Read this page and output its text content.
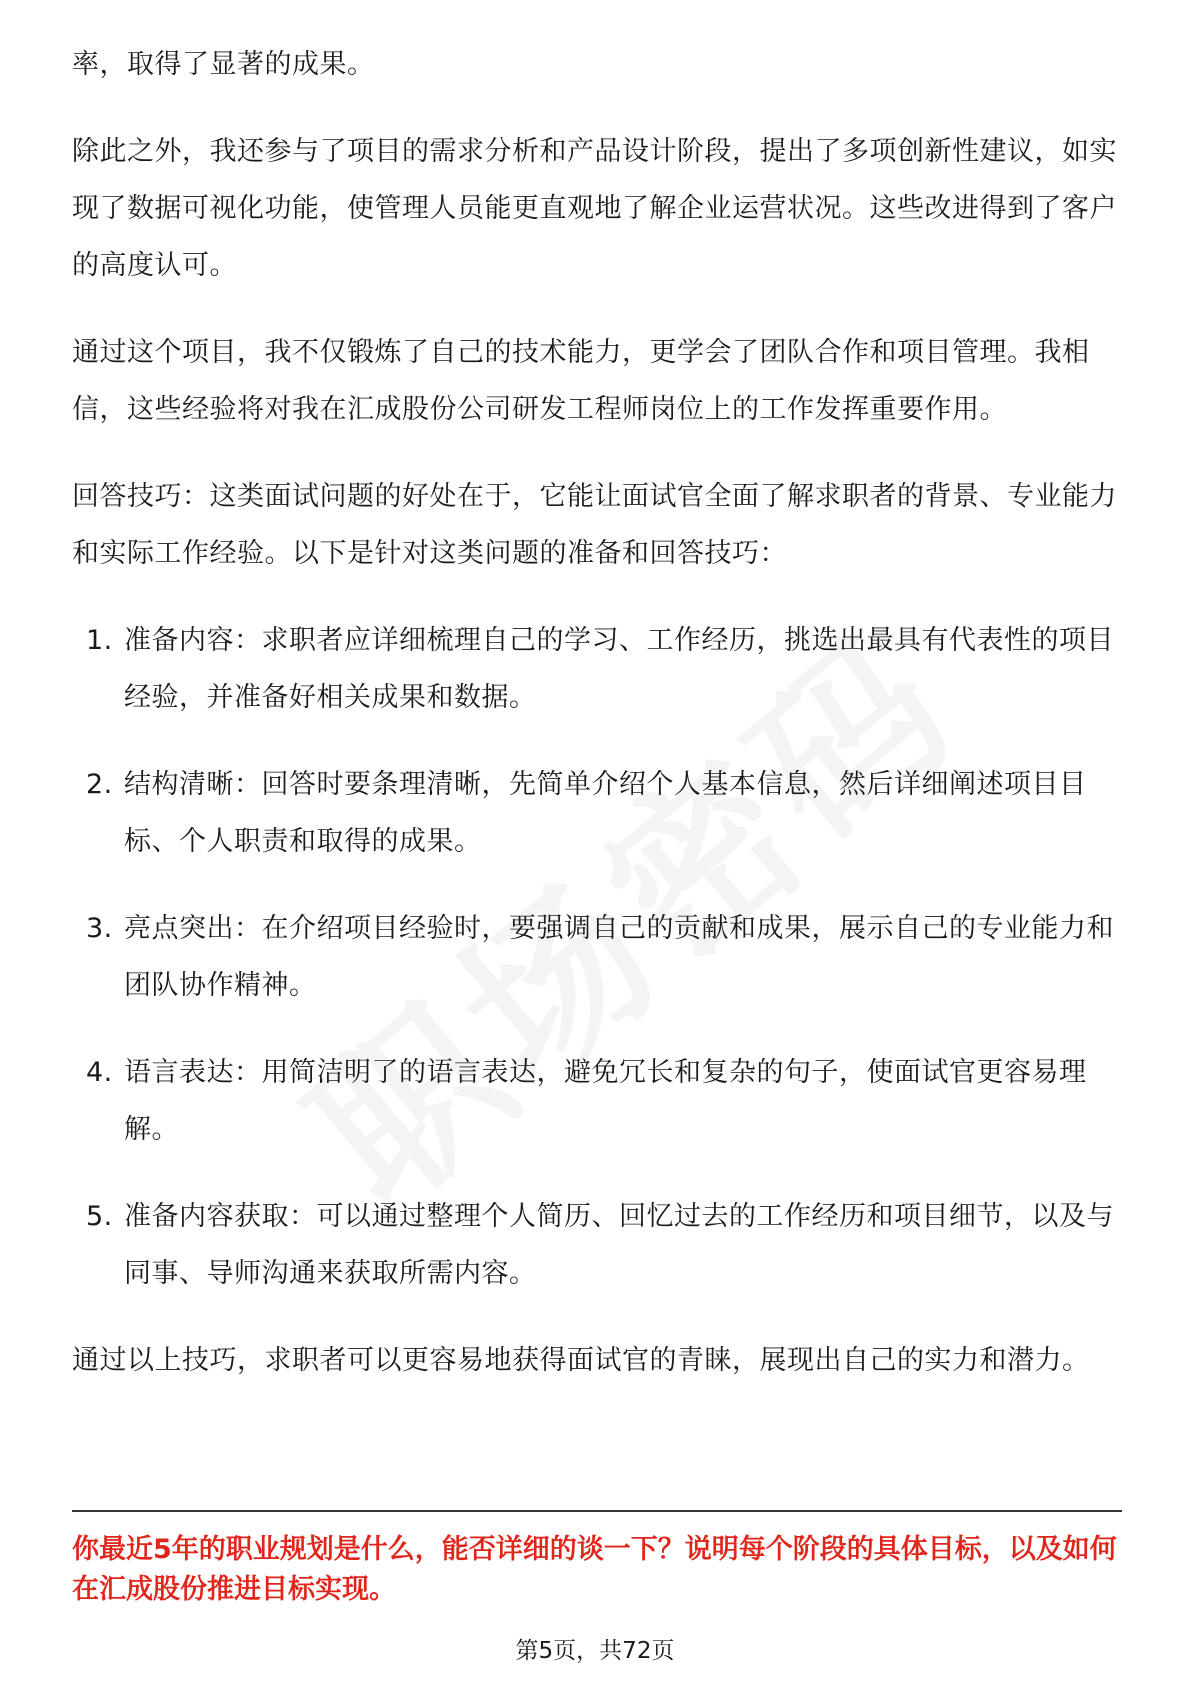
率，取得了显著的成果。

除此之外，我还参与了项目的需求分析和产品设计阶段，提出了多项创新性建议，如实现了数据可视化功能，使管理人员能更直观地了解企业运营状况。这些改进得到了客户的高度认可。

通过这个项目，我不仅锻炼了自己的技术能力，更学会了团队合作和项目管理。我相信，这些经验将对我在汇成股份公司研发工程师岗位上的工作发挥重要作用。

回答技巧：这类面试问题的好处在于，它能让面试官全面了解求职者的背景、专业能力和实际工作经验。以下是针对这类问题的准备和回答技巧：

1. 准备内容：求职者应详细梳理自己的学习、工作经历，挑选出最具有代表性的项目经验，并准备好相关成果和数据。
2. 结构清晰：回答时要条理清晰，先简单介绍个人基本信息，然后详细阐述项目目标、个人职责和取得的成果。
3. 亮点突出：在介绍项目经验时，要强调自己的贡献和成果，展示自己的专业能力和团队协作精神。
4. 语言表达：用简洁明了的语言表达，避免冗长和复杂的句子，使面试官更容易理解。
5. 准备内容获取：可以通过整理个人简历、回忆过去的工作经历和项目细节，以及与同事、导师沟通来获取所需内容。

通过以上技巧，求职者可以更容易地获得面试官的青睐，展现出自己的实力和潜力。

你最近5年的职业规划是什么，能否详细的谈一下？说明每个阶段的具体目标，以及如何在汇成股份推进目标实现。

第5页，共72页
